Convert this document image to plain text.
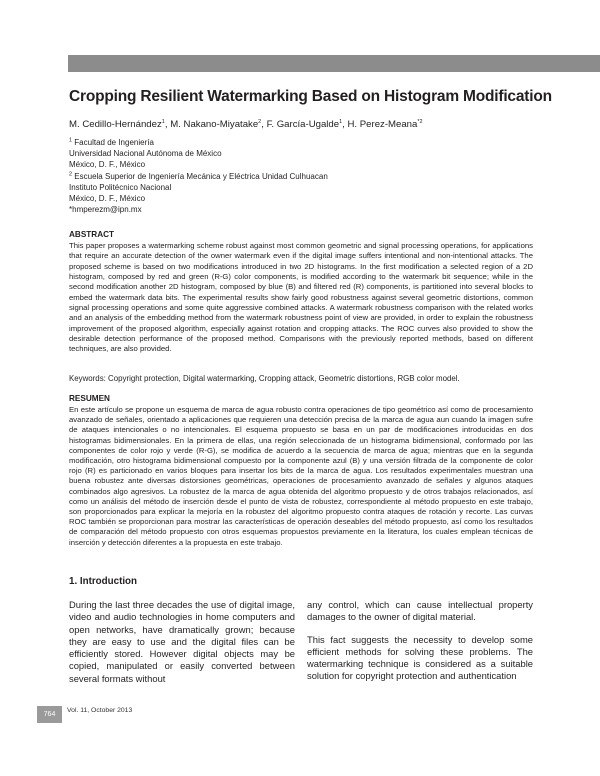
Cropping Resilient Watermarking Based on Histogram Modification
M. Cedillo-Hernández$^1$, M. Nakano-Miyatake$^2$, F. García-Ugalde$^1$, H. Perez-Meana$^{*2}$
$^1$ Facultad de Ingeniería
Universidad Nacional Autónoma de México
México, D. F., México
$^2$ Escuela Superior de Ingeniería Mecánica y Eléctrica Unidad Culhuacan
Instituto Politécnico Nacional
México, D. F., México
*hmperezm@ipn.mx
ABSTRACT

This paper proposes a watermarking scheme robust against most common geometric and signal processing operations, for applications that require an accurate detection of the owner watermark even if the digital image suffers intentional and non-intentional attacks. The proposed scheme is based on two modifications introduced in two 2D histograms. In the first modification a selected region of a 2D histogram, composed by red and green (R-G) color components, is modified according to the watermark bit sequence; while in the second modification another 2D histogram, composed by blue (B) and filtered red (R) components, is partitioned into several blocks to embed the watermark data bits. The experimental results show fairly good robustness against several geometric distortions, common signal processing operations and some quite aggressive combined attacks. A watermark robustness comparison with the related works and an analysis of the embedding method from the watermark robustness point of view are provided, in order to explain the robustness improvement of the proposed algorithm, especially against rotation and cropping attacks. The ROC curves also provided to show the desirable detection performance of the proposed method. Comparisons with the previously reported methods, based on different techniques, are also provided.

Keywords: Copyright protection, Digital watermarking, Cropping attack, Geometric distortions, RGB color model.

RESUMEN

En este artículo se propone un esquema de marca de agua robusto contra operaciones de tipo geométrico así como de procesamiento avanzado de señales, orientado a aplicaciones que requieren una detección precisa de la marca de agua aun cuando la imagen sufre de ataques intencionales o no intencionales. El esquema propuesto se basa en un par de modificaciones introducidas en dos histogramas bidimensionales. En la primera de ellas, una región seleccionada de un histograma bidimensional, conformado por las componentes de color rojo y verde (R-G), se modifica de acuerdo a la secuencia de marca de agua; mientras que en la segunda modificación, otro histograma bidimensional compuesto por la componente azul (B) y una versión filtrada de la componente de color rojo (R) es particionado en varios bloques para insertar los bits de la marca de agua. Los resultados experimentales muestran una buena robustez ante diversas distorsiones geométricas, operaciones de procesamiento avanzado de señales y algunos ataques combinados algo agresivos. La robustez de la marca de agua obtenida del algoritmo propuesto y de otros trabajos relacionados, así como un análisis del método de inserción desde el punto de vista de robustez, correspondiente al método propuesto en este trabajo, son proporcionados para explicar la mejoría en la robustez del algoritmo propuesto contra ataques de rotación y recorte. Las curvas ROC también se proporcionan para mostrar las características de operación deseables del método propuesto, así como los resultados de comparación del método propuesto con otros esquemas propuestos previamente en la literatura, los cuales emplean técnicas de inserción y detección diferentes a la propuesta en este trabajo.

1. Introduction

During the last three decades the use of digital image, video and audio technologies in home computers and open networks, have dramatically grown; because they are easy to use and the digital files can be efficiently stored. However digital objects may be copied, manipulated or easily converted between several formats without

any control, which can cause intellectual property damages to the owner of digital material.

This fact suggests the necessity to develop some efficient methods for solving these problems. The watermarking technique is considered as a suitable solution for copyright protection and authentication

764
Vol. 11, October 2013
